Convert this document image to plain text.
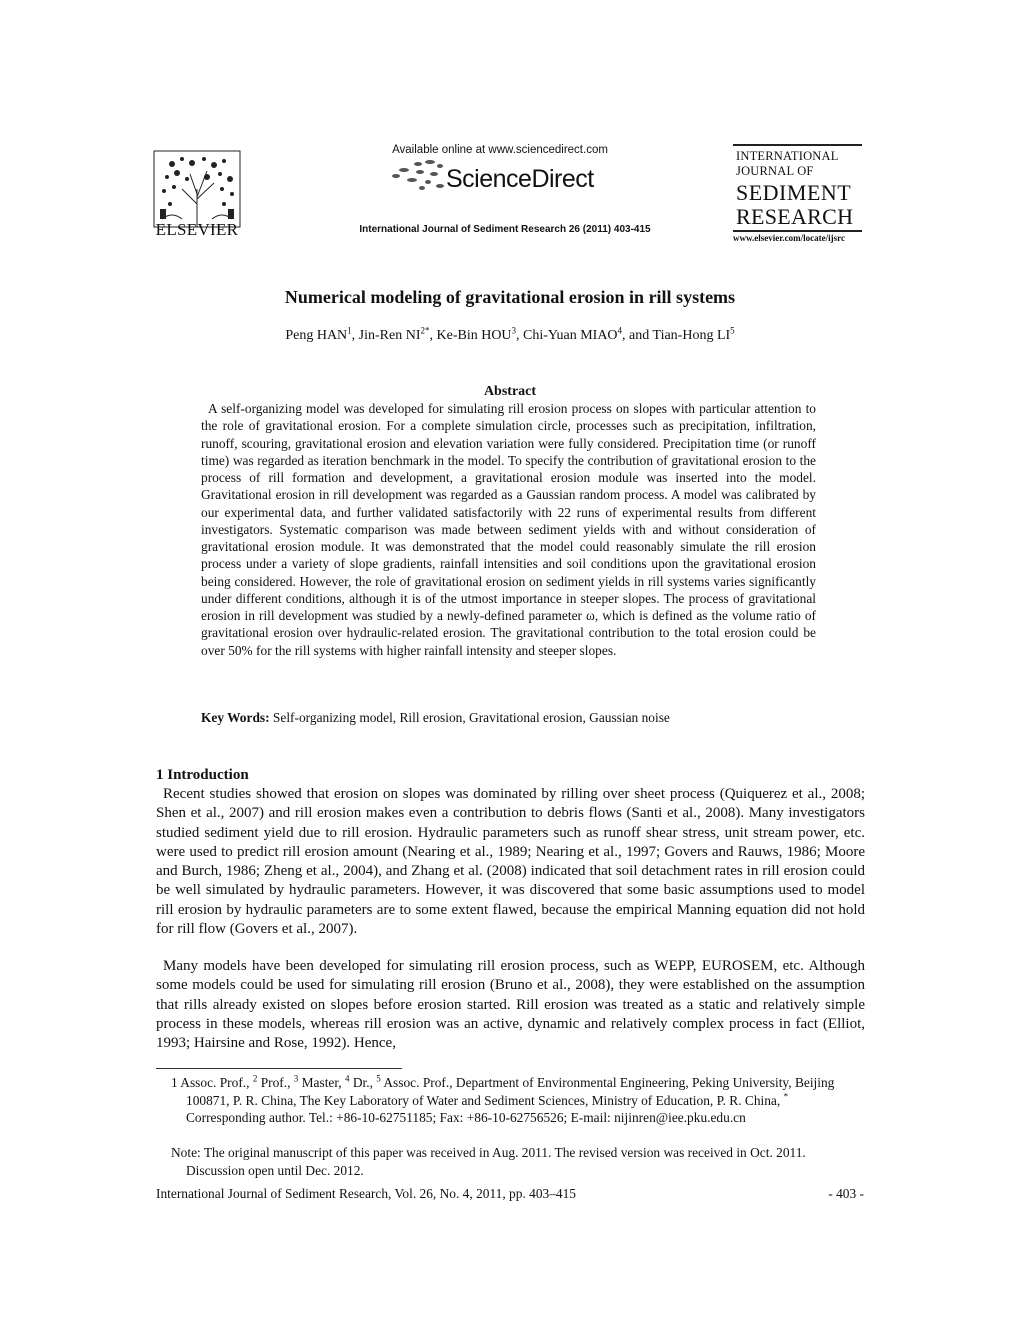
ELSEVIER
Available online at www.sciencedirect.com
ScienceDirect
International Journal of Sediment Research 26 (2011) 403-415
INTERNATIONAL
JOURNAL OF
SEDIMENT
RESEARCH
www.elsevier.com/locate/ijsrc
Numerical modeling of gravitational erosion in rill systems
Peng HAN$^1$, Jin-Ren $NI^{2*}$, Ke-Bin HOU$^3$, Chi-Yuan MIAO$^4$, and Tian-Hong $LI^5$
Abstract
A self-organizing model was developed for simulating rill erosion process on slopes with particular attention to the role of gravitational erosion. For a complete simulation circle, processes such as precipitation, infiltration, runoff, scouring, gravitational erosion and elevation variation were fully considered. Precipitation time (or runoff time) was regarded as iteration benchmark in the model. To specify the contribution of gravitational erosion to the process of rill formation and development, a gravitational erosion module was inserted into the model. Gravitational erosion in rill development was regarded as a Gaussian random process. A model was calibrated by our experimental data, and further validated satisfactorily with 22 runs of experimental results from different investigators. Systematic comparison was made between sediment yields with and without consideration of gravitational erosion module. It was demonstrated that the model could reasonably simulate the rill erosion process under a variety of slope gradients, rainfall intensities and soil conditions upon the gravitational erosion being considered. However, the role of gravitational erosion on sediment yields in rill systems varies significantly under different conditions, although it is of the utmost importance in steeper slopes. The process of gravitational erosion in rill development was studied by a newly-defined parameter ω, which is defined as the volume ratio of gravitational erosion over hydraulic-related erosion. The gravitational contribution to the total erosion could be over 50% for the rill systems with higher rainfall intensity and steeper slopes.
Key Words: Self-organizing model, Rill erosion, Gravitational erosion, Gaussian noise
1 Introduction
Recent studies showed that erosion on slopes was dominated by rilling over sheet process (Quiquerez et al., 2008; Shen et al., 2007) and rill erosion makes even a contribution to debris flows (Santi et al., 2008). Many investigators studied sediment yield due to rill erosion. Hydraulic parameters such as runoff shear stress, unit stream power, etc. were used to predict rill erosion amount (Nearing et al., 1989; Nearing et al., 1997; Govers and Rauws, 1986; Moore and Burch, 1986; Zheng et al., 2004), and Zhang et al. (2008) indicated that soil detachment rates in rill erosion could be well simulated by hydraulic parameters. However, it was discovered that some basic assumptions used to model rill erosion by hydraulic parameters are to some extent flawed, because the empirical Manning equation did not hold for rill flow (Govers et al., 2007).
Many models have been developed for simulating rill erosion process, such as WEPP, EUROSEM, etc. Although some models could be used for simulating rill erosion (Bruno et al., 2008), they were established on the assumption that rills already existed on slopes before erosion started. Rill erosion was treated as a static and relatively simple process in these models, whereas rill erosion was an active, dynamic and relatively complex process in fact (Elliot, 1993; Hairsine and Rose, 1992). Hence,
1 Assoc. Prof., $^2$ Prof., $^3$ Master, $^4$ Dr., $^5$ Assoc. Prof., Department of Environmental Engineering, Peking University, Beijing 100871, P. R. China, The Key Laboratory of Water and Sediment Sciences, Ministry of Education, P. R. China, * Corresponding author. Tel.: +86-10-62751185; Fax: +86-10-62756526; E-mail: nijinren@iee.pku.edu.cn
Note: The original manuscript of this paper was received in Aug. 2011. The revised version was received in Oct. 2011. Discussion open until Dec. 2012.
International Journal of Sediment Research, Vol. 26, No. 4, 2011, pp. 403–415	- 403 -
